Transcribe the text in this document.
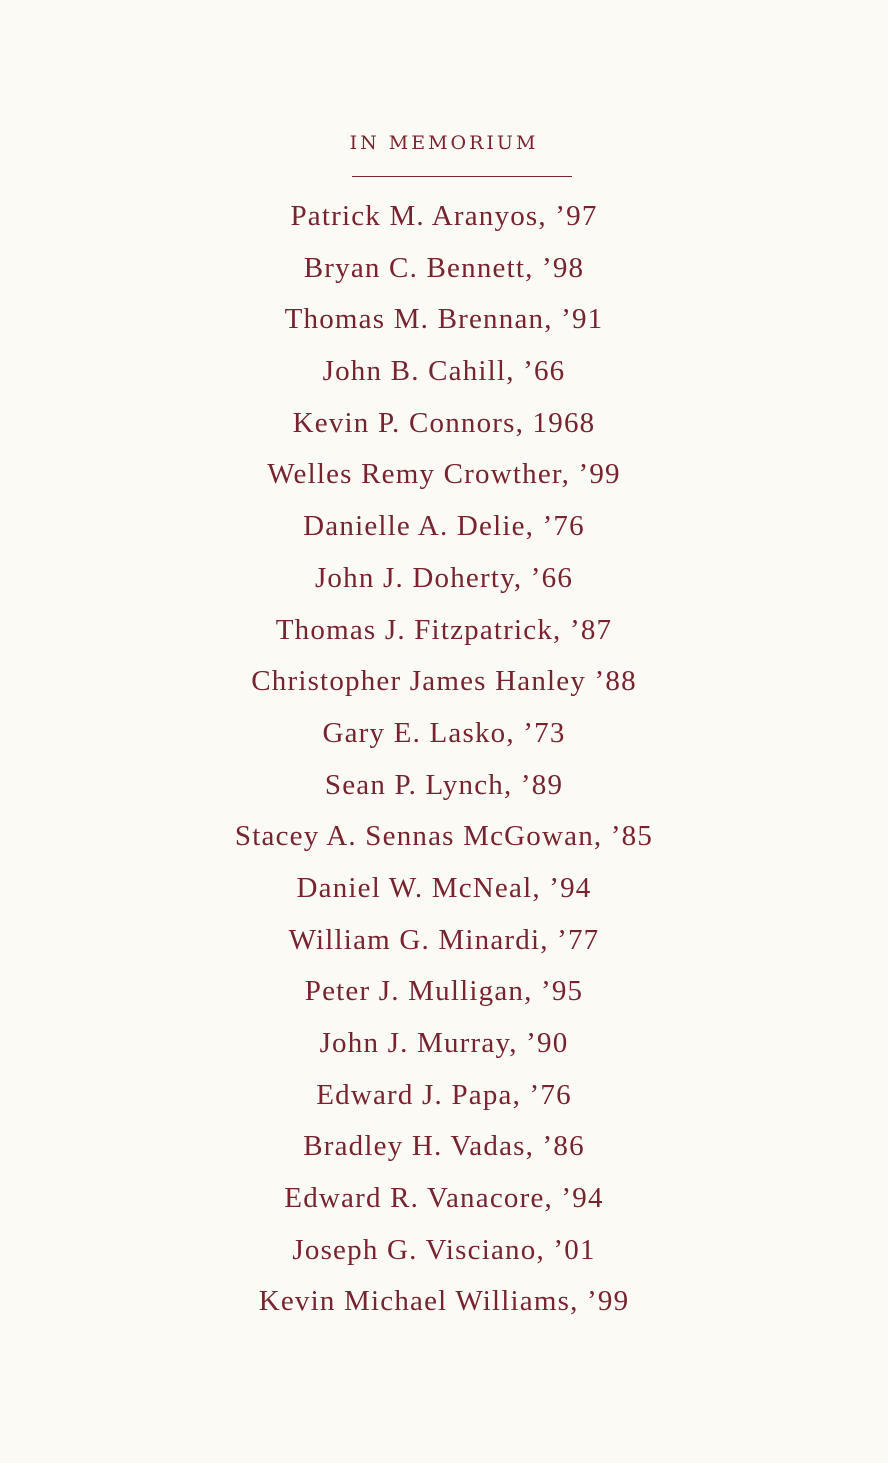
IN MEMORIUM
Patrick M. Aranyos, ’97
Bryan C. Bennett, ’98
Thomas M. Brennan, ’91
John B. Cahill, ’66
Kevin P. Connors, 1968
Welles Remy Crowther, ’99
Danielle A. Delie, ’76
John J. Doherty, ’66
Thomas J. Fitzpatrick, ’87
Christopher James Hanley ’88
Gary E. Lasko, ’73
Sean P. Lynch, ’89
Stacey A. Sennas McGowan, ’85
Daniel W. McNeal, ’94
William G. Minardi, ’77
Peter J. Mulligan, ’95
John J. Murray, ’90
Edward J. Papa, ’76
Bradley H. Vadas, ’86
Edward R. Vanacore, ’94
Joseph G. Visciano, ’01
Kevin Michael Williams, ’99
